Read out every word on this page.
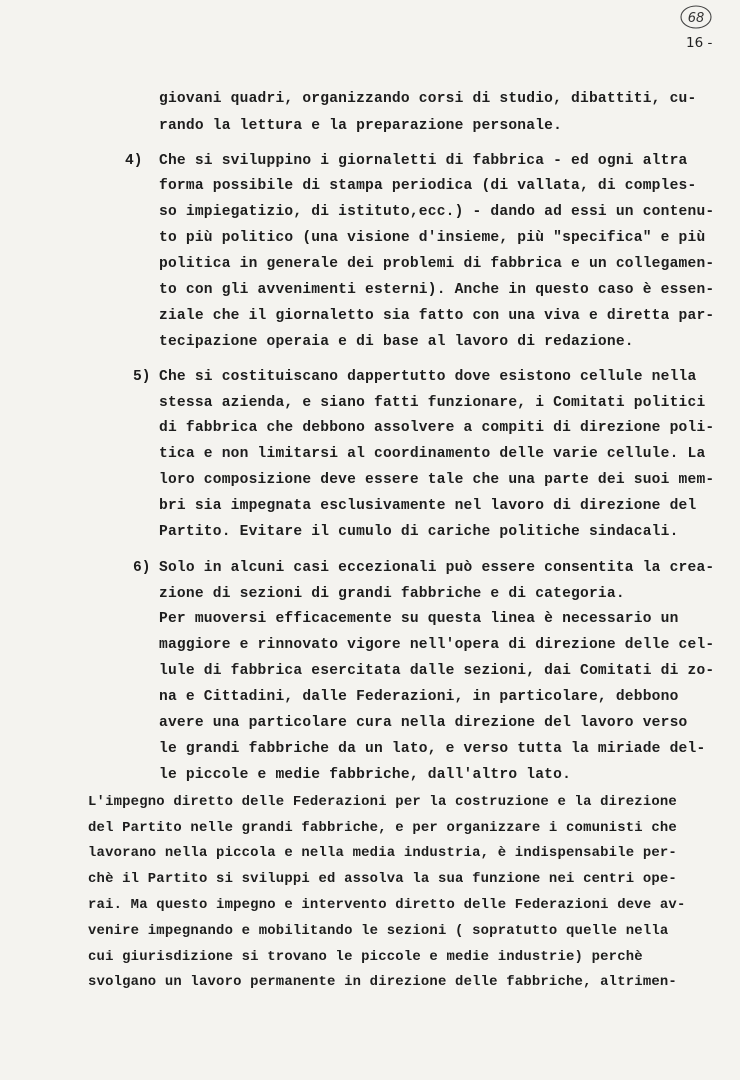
68
16 -
giovani quadri, organizzando corsi di studio, dibattiti, cu-
rando la lettura e la preparazione personale.
4) Che si sviluppino i giornaletti di fabbrica - ed ogni altra
forma possibile di stampa periodica (di vallata, di comples-
so impiegatizio, di istituto,ecc.) - dando ad essi un contenu-
to più politico (una visione d'insieme, più "specifica" e più
politica in generale dei problemi di fabbrica e un collegamen-
to con gli avvenimenti esterni). Anche in questo caso è essen-
ziale che il giornaletto sia fatto con una viva e diretta par-
tecipazione operaia e di base al lavoro di redazione.
5) Che si costituiscano dappertutto dove esistono cellule nella
stessa azienda, e siano fatti funzionare, i Comitati politici
di fabbrica che debbono assolvere a compiti di direzione poli-
tica e non limitarsi al coordinamento delle varie cellule. La
loro composizione deve essere tale che una parte dei suoi mem-
bri sia impegnata esclusivamente nel lavoro di direzione del
Partito. Evitare il cumulo di cariche politiche sindacali.
6) Solo in alcuni casi eccezionali può essere consentita la crea-
zione di sezioni di grandi fabbriche e di categoria.
Per muoversi efficacemente su questa linea è necessario un
maggiore e rinnovato vigore nell'opera di direzione delle cel-
lule di fabbrica esercitata dalle sezioni, dai Comitati di zo-
na e Cittadini, dalle Federazioni, in particolare, debbono
avere una particolare cura nella direzione del lavoro verso
le grandi fabbriche da un lato, e verso tutta la miriade del-
le piccole e medie fabbriche, dall'altro lato.
L'impegno diretto delle Federazioni per la costruzione e la direzione
del Partito nelle grandi fabbriche, e per organizzare i comunisti che
lavorano nella piccola e nella media industria, è indispensabile per-
chè il Partito si sviluppi ed assolva la sua funzione nei centri ope-
rai. Ma questo impegno e intervento diretto delle Federazioni deve av-
venire impegnando e mobilitando le sezioni ( sopratutto quelle nella
cui giurisdizione si trovano le piccole e medie industrie) perchè
svolgano un lavoro permanente in direzione delle fabbriche, altrimen-
